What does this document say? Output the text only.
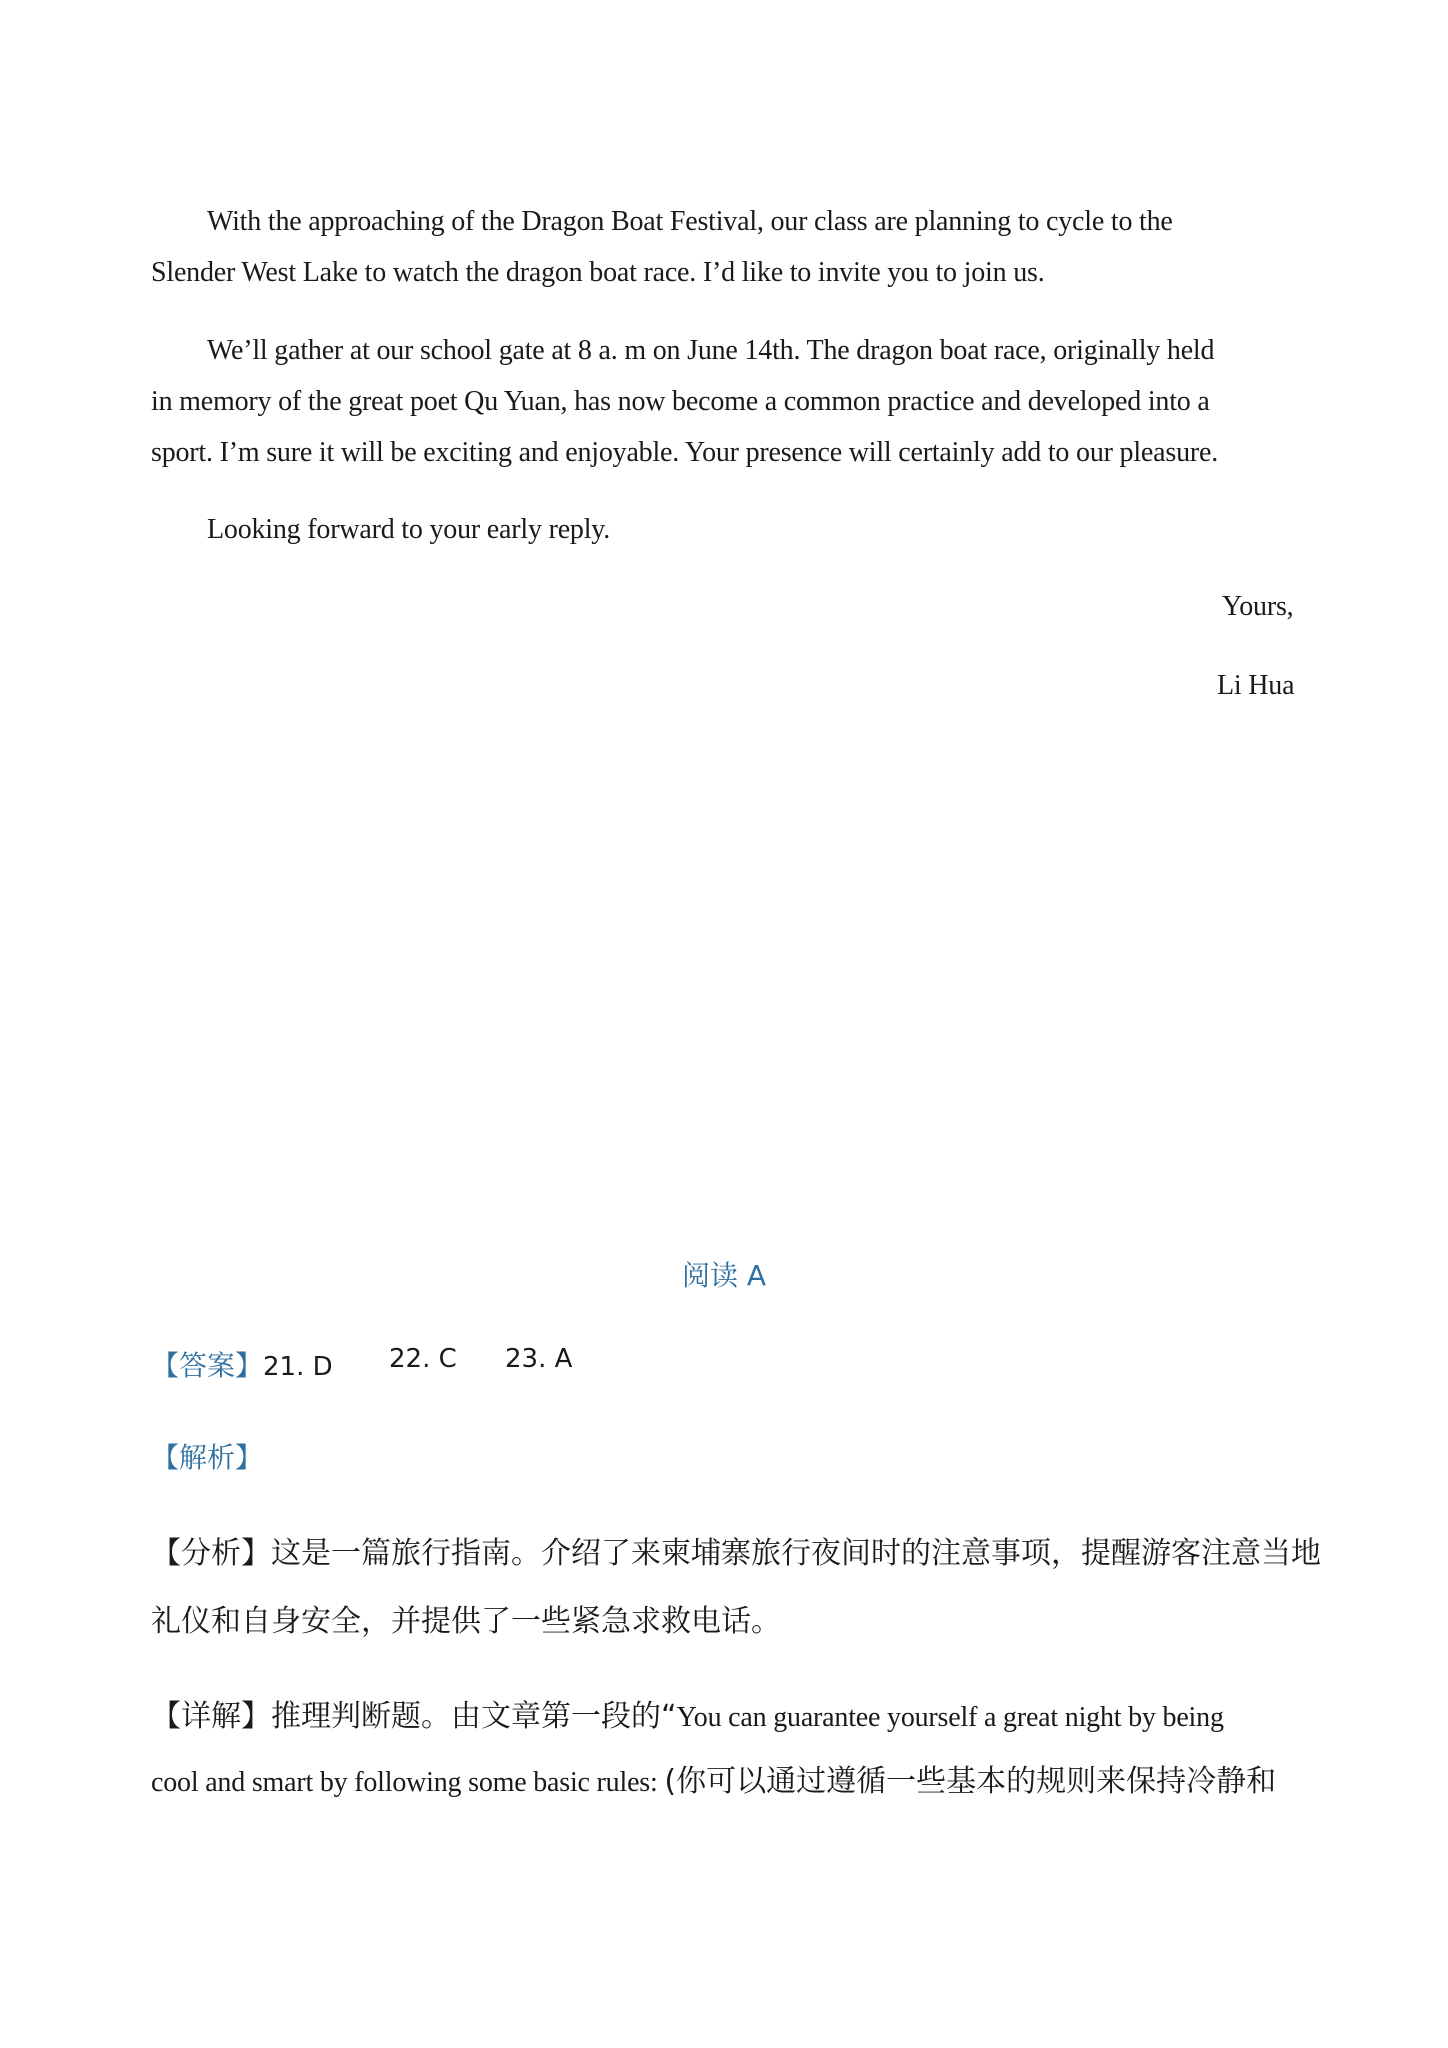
With the approaching of the Dragon Boat Festival, our class are planning to cycle to the
Slender West Lake to watch the dragon boat race. I’d like to invite you to join us.
We’ll gather at our school gate at 8 a. m on June 14th. The dragon boat race, originally held
in memory of the great poet Qu Yuan, has now become a common practice and developed into a
sport. I’m sure it will be exciting and enjoyable. Your presence will certainly add to our pleasure.
Looking forward to your early reply.
Yours,
Li Hua
阅读 A
【答案】21. D 22. C 23. A
【解析】
【分析】这是一篇旅行指南。介绍了来柬埔寨旅行夜间时的注意事项，提醒游客注意当地
礼仪和自身安全，并提供了一些紧急求救电话。
【详解】推理判断题。由文章第一段的“You can guarantee yourself a great night by being
cool and smart by following some basic rules: (你可以通过遵循一些基本的规则来保持冷静和
